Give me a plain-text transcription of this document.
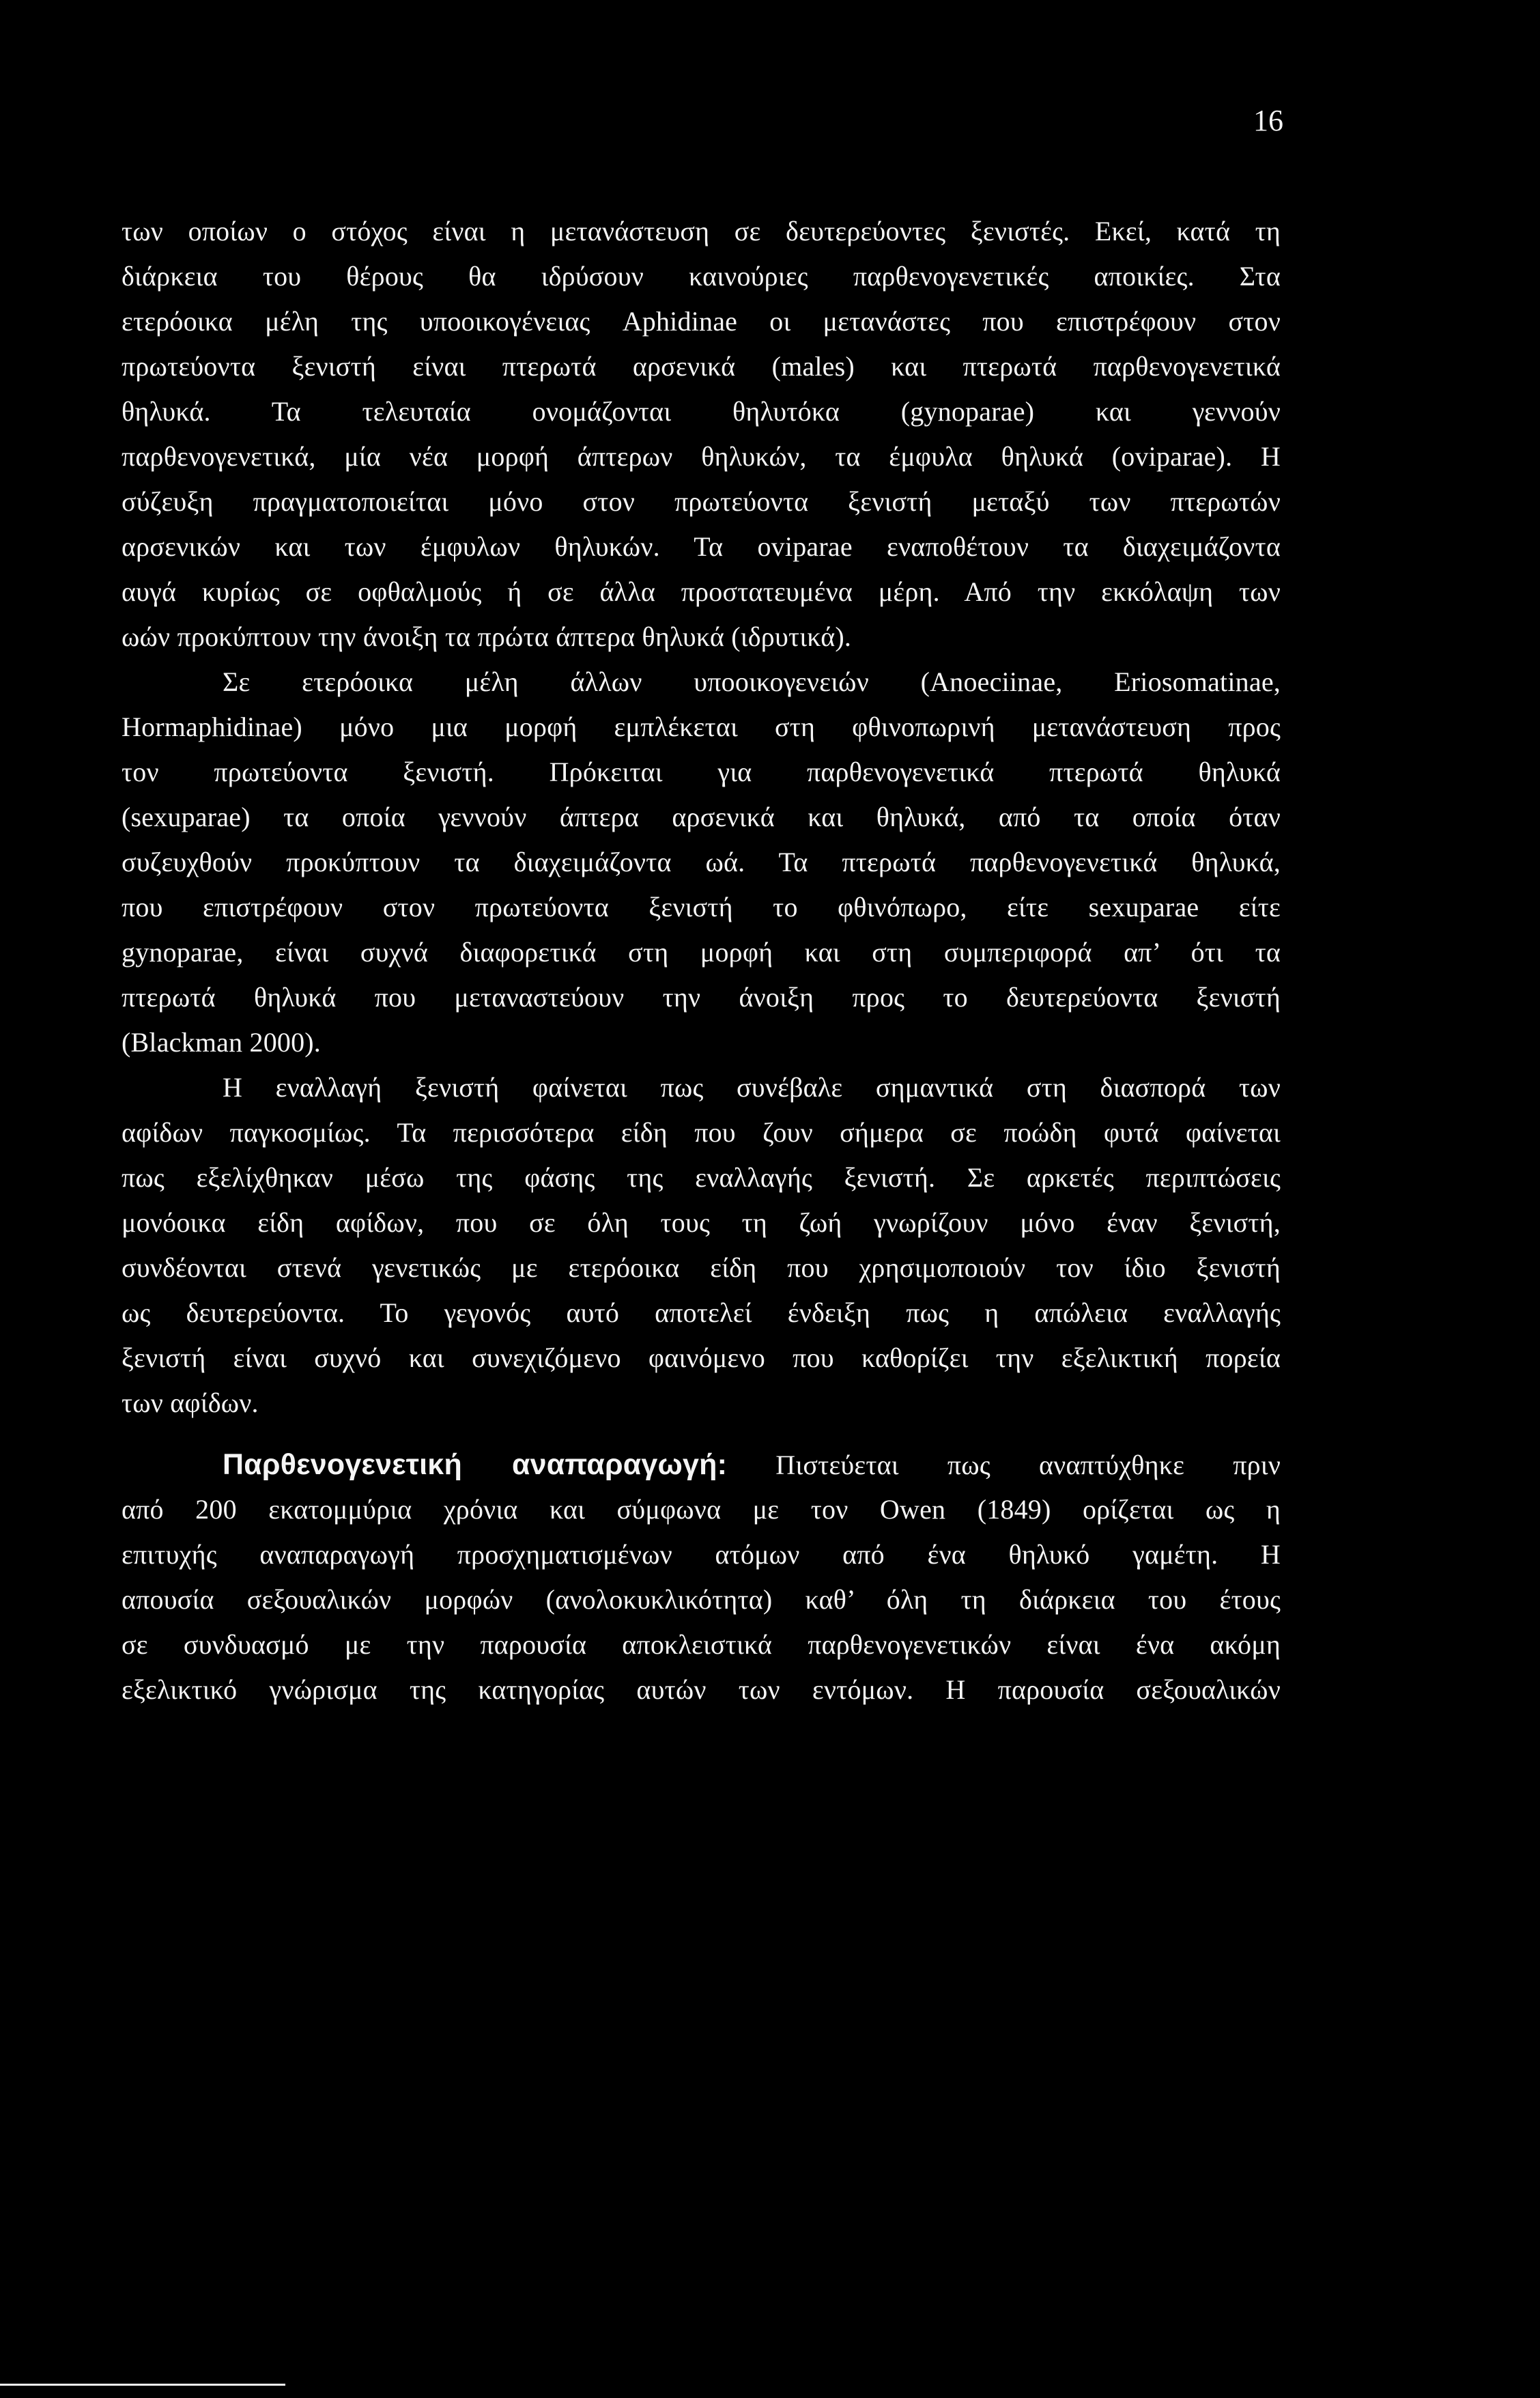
16
των οποίων ο στόχος είναι η μετανάστευση σε δευτερεύοντες ξενιστές. Εκεί, κατά τη
διάρκεια του θέρους θα ιδρύσουν καινούριες παρθενογενετικές αποικίες. Στα
ετερόοικα μέλη της υποοικογένειας Aphidinae οι μετανάστες που επιστρέφουν στον
πρωτεύοντα ξενιστή είναι πτερωτά αρσενικά (males) και πτερωτά παρθενογενετικά
θηλυκά. Τα τελευταία ονομάζονται θηλυτόκα (gynoparae) και γεννούν
παρθενογενετικά, μία νέα μορφή άπτερων θηλυκών, τα έμφυλα θηλυκά (oviparae). Η
σύζευξη πραγματοποιείται μόνο στον πρωτεύοντα ξενιστή μεταξύ των πτερωτών
αρσενικών και των έμφυλων θηλυκών. Τα oviparae εναποθέτουν τα διαχειμάζοντα
αυγά κυρίως σε οφθαλμούς ή σε άλλα προστατευμένα μέρη. Από την εκκόλαψη των
ωών προκύπτουν την άνοιξη τα πρώτα άπτερα θηλυκά (ιδρυτικά).
Σε ετερόοικα μέλη άλλων υποοικογενειών (Anoeciinae, Eriosomatinae,
Hormaphidinae) μόνο μια μορφή εμπλέκεται στη φθινοπωρινή μετανάστευση προς
τον πρωτεύοντα ξενιστή. Πρόκειται για παρθενογενετικά πτερωτά θηλυκά
(sexuparae) τα οποία γεννούν άπτερα αρσενικά και θηλυκά, από τα οποία όταν
συζευχθούν προκύπτουν τα διαχειμάζοντα ωά. Τα πτερωτά παρθενογενετικά θηλυκά,
που επιστρέφουν στον πρωτεύοντα ξενιστή το φθινόπωρο, είτε sexuparae είτε
gynoparae, είναι συχνά διαφορετικά στη μορφή και στη συμπεριφορά απ’ ότι τα
πτερωτά θηλυκά που μεταναστεύουν την άνοιξη προς το δευτερεύοντα ξενιστή
(Blackman 2000).
Η εναλλαγή ξενιστή φαίνεται πως συνέβαλε σημαντικά στη διασπορά των
αφίδων παγκοσμίως. Τα περισσότερα είδη που ζουν σήμερα σε ποώδη φυτά φαίνεται
πως εξελίχθηκαν μέσω της φάσης της εναλλαγής ξενιστή. Σε αρκετές περιπτώσεις
μονόοικα είδη αφίδων, που σε όλη τους τη ζωή γνωρίζουν μόνο έναν ξενιστή,
συνδέονται στενά γενετικώς με ετερόοικα είδη που χρησιμοποιούν τον ίδιο ξενιστή
ως δευτερεύοντα. Το γεγονός αυτό αποτελεί ένδειξη πως η απώλεια εναλλαγής
ξενιστή είναι συχνό και συνεχιζόμενο φαινόμενο που καθορίζει την εξελικτική πορεία
των αφίδων.
Παρθενογενετική αναπαραγωγή: Πιστεύεται πως αναπτύχθηκε πριν
από 200 εκατομμύρια χρόνια και σύμφωνα με τον Owen (1849) ορίζεται ως η
επιτυχής αναπαραγωγή προσχηματισμένων ατόμων από ένα θηλυκό γαμέτη. Η
απουσία σεξουαλικών μορφών (ανολοκυκλικότητα) καθ’ όλη τη διάρκεια του έτους
σε συνδυασμό με την παρουσία αποκλειστικά παρθενογενετικών είναι ένα ακόμη
εξελικτικό γνώρισμα της κατηγορίας αυτών των εντόμων. Η παρουσία σεξουαλικών
